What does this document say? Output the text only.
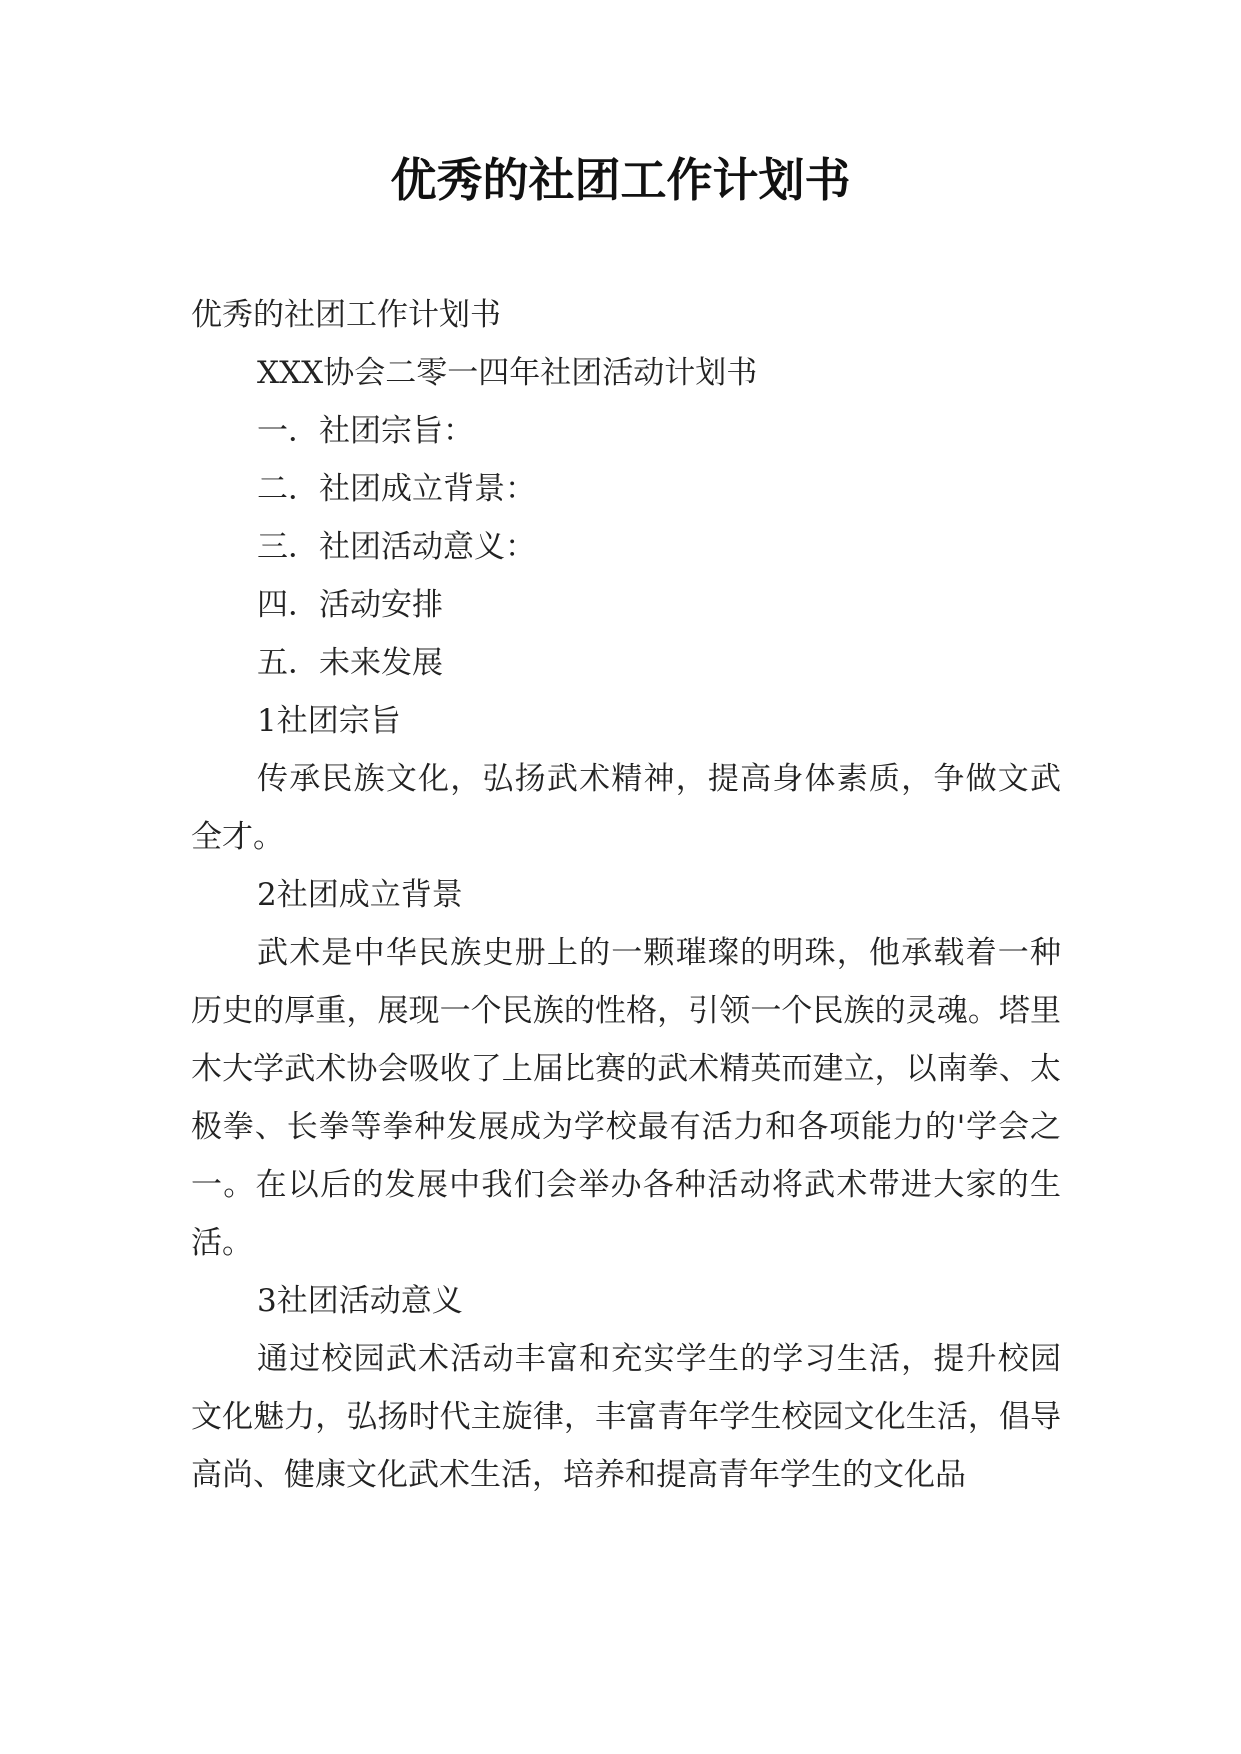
优秀的社团工作计划书

优秀的社团工作计划书

XXX协会二零一四年社团活动计划书

一．社团宗旨：

二．社团成立背景：

三．社团活动意义：

四．活动安排

五．未来发展

1社团宗旨

传承民族文化，弘扬武术精神，提高身体素质，争做文武全才。

2社团成立背景

武术是中华民族史册上的一颗璀璨的明珠，他承载着一种历史的厚重，展现一个民族的性格，引领一个民族的灵魂。塔里木大学武术协会吸收了上届比赛的武术精英而建立，以南拳、太极拳、长拳等拳种发展成为学校最有活力和各项能力的'学会之一。在以后的发展中我们会举办各种活动将武术带进大家的生活。

3社团活动意义

通过校园武术活动丰富和充实学生的学习生活，提升校园文化魅力，弘扬时代主旋律，丰富青年学生校园文化生活，倡导高尚、健康文化武术生活，培养和提高青年学生的文化品
